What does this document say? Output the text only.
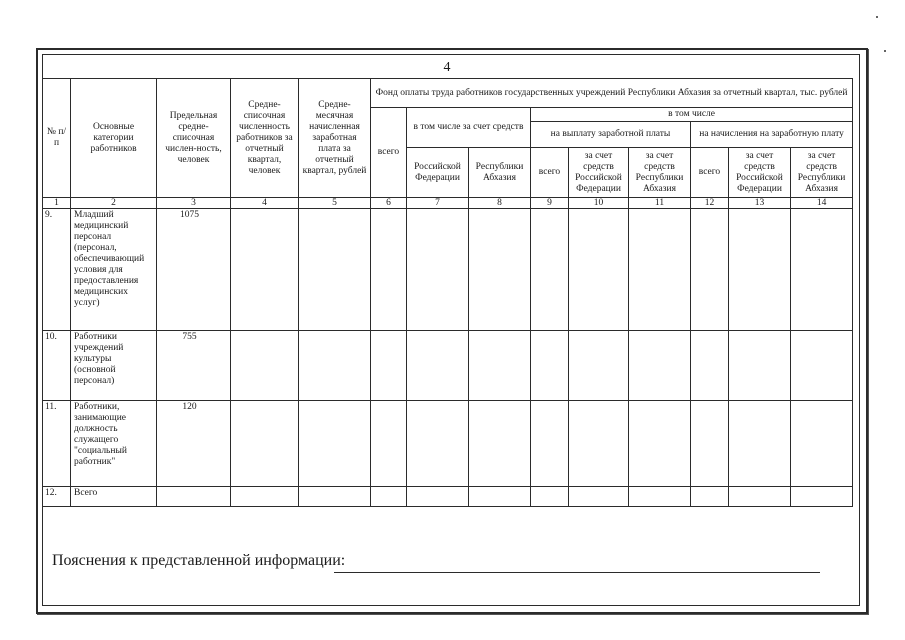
4
№ п/п	Основные категории работников	Предельная средне-списочная числен-ность, человек	Средне-списочная численность работников за отчетный квартал, человек	Средне-месячная начисленная заработная плата за отчетный квартал, рублей	Фонд оплаты труда работников государственных учреждений Республики Абхазия за отчетный квартал, тыс. рублей								
					всего	в том числе за счет средств		в том числе					
								на выплату заработной платы			на начисления на заработную плату		
						Российской Федерации	Республики Абхазия	всего	за счет средств Российской Федерации	за счет средств Республики Абхазия	всего	за счет средств Российской Федерации	за счет средств Республики Абхазия

1	2	3	4	5	6	7	8	9	10	11	12	13	14
9.	Младший медицинский персонал (персонал, обеспечивающий условия для предоставления медицинских услуг)	1075											
10.	Работники учреждений культуры (основной персонал)	755											
11.	Работники, занимающие должность служащего "социальный работник"	120											
12.	Всего												
Пояснения к представленной информации:
